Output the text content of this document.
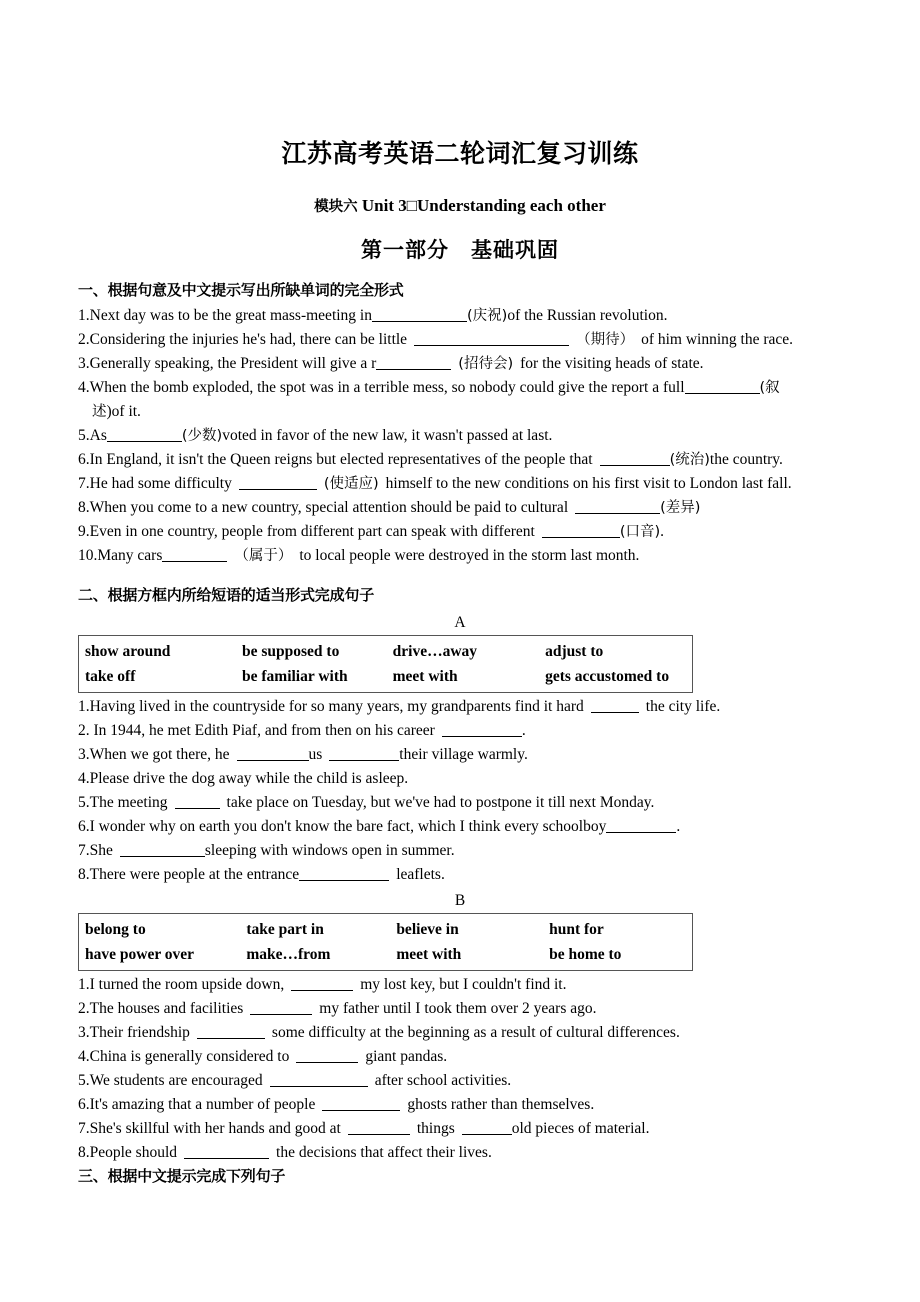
江苏高考英语二轮词汇复习训练
模块六 Unit 3□Understanding each other
第一部分　基础巩固
一、根据句意及中文提示写出所缺单词的完全形式
1.Next day was to be the great mass-meeting in	(庆祝)of the Russian revolution.
2.Considering the injuries he's had, there can be little	（期待） of him winning the race.
3.Generally speaking, the President will give a r	(招待会) for the visiting heads of state.
4.When the bomb exploded, the spot was in a terrible mess, so nobody could give the report a full	(叙
述)of it.
5.As	(少数)voted in favor of the new law, it wasn't passed at last.
6.In England, it isn't the Queen reigns but elected representatives of the people that	(统治)the country.
7.He had some difficulty	(使适应) himself to the new conditions on his first visit to London last fall.
8.When you come to a new country, special attention should be paid to cultural	(差异)
9.Even in one country, people from different part can speak with different	(口音).
10.Many cars	（属于） to local people were destroyed in the storm last month.
二、根据方框内所给短语的适当形式完成句子
A
show around	be supposed to	drive…away	adjust to
take off	be familiar with	meet with	gets accustomed to
1.Having lived in the countryside for so many years, my grandparents find it hard	the city life.
2. In 1944, he met Edith Piaf, and from then on his career	.
3.When we got there, he	us	their village warmly.
4.Please drive the dog away while the child is asleep.
5.The meeting	take place on Tuesday, but we've had to postpone it till next Monday.
6.I wonder why on earth you don't know the bare fact, which I think every schoolboy	.
7.She	sleeping with windows open in summer.
8.There were people at the entrance	leaflets.
B
belong to	take part in	believe in	hunt for
have power over	make…from	meet with	be home to
1.I turned the room upside down,	my lost key, but I couldn't find it.
2.The houses and facilities	my father until I took them over 2 years ago.
3.Their friendship	some difficulty at the beginning as a result of cultural differences.
4.China is generally considered to	giant pandas.
5.We students are encouraged	after school activities.
6.It's amazing that a number of people	ghosts rather than themselves.
7.She's skillful with her hands and good at	things	old pieces of material.
8.People should	the decisions that affect their lives.
三、根据中文提示完成下列句子
